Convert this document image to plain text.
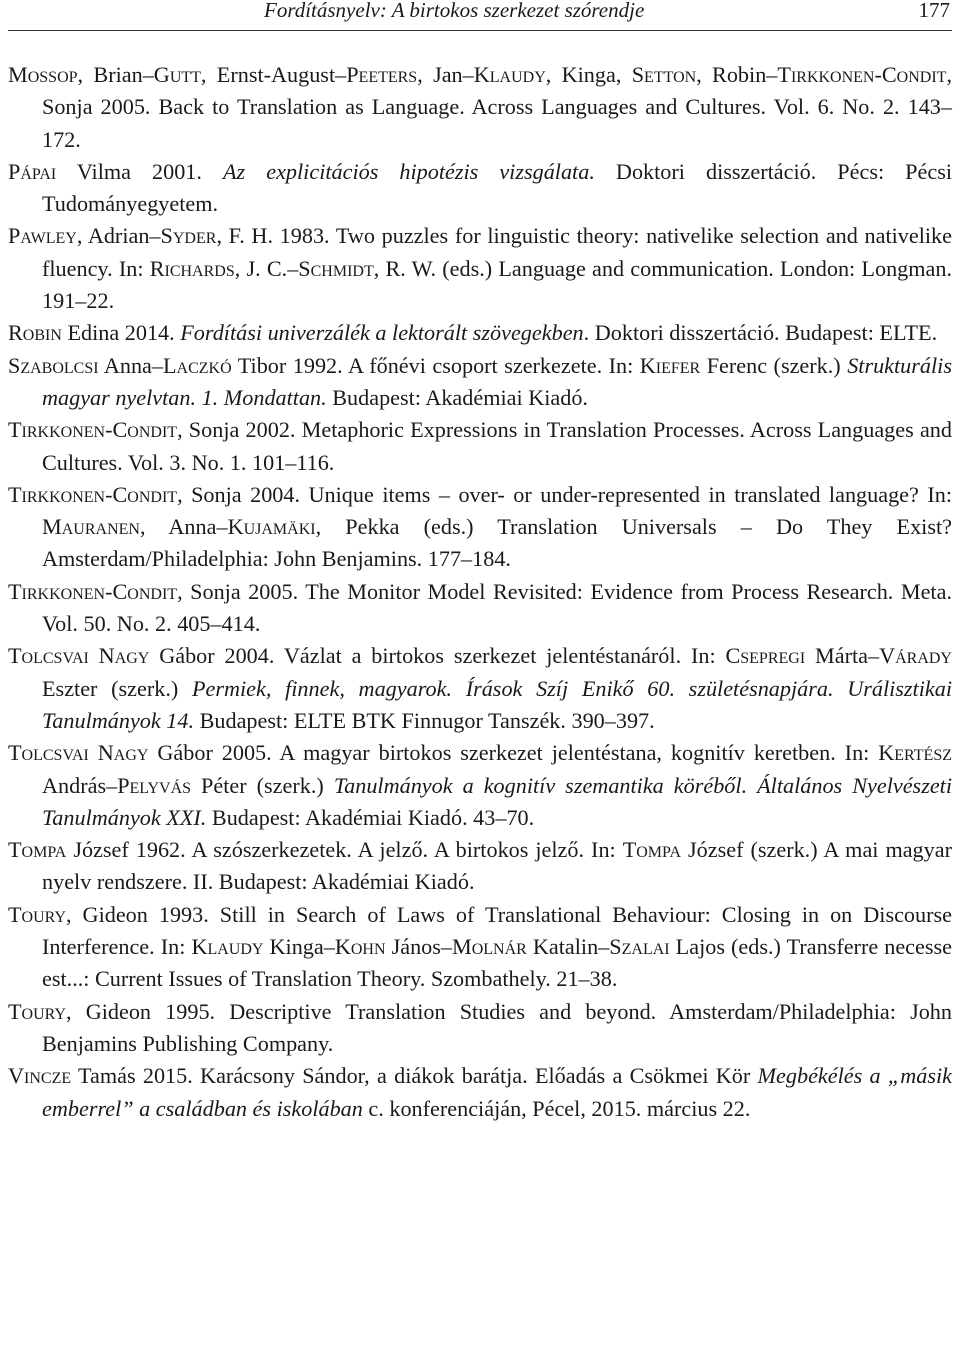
Fordításnyelv: A birtokos szerkezet szórendje	177
Mossop, Brian–Gutt, Ernst-August–Peeters, Jan–Klaudy, Kinga, Setton, Robin–Tirkkonen-Condit, Sonja 2005. Back to Translation as Language. Across Languages and Cultures. Vol. 6. No. 2. 143–172.
Pápai Vilma 2001. Az explicitációs hipotézis vizsgálata. Doktori disszertáció. Pécs: Pécsi Tudományegyetem.
Pawley, Adrian–Syder, F. H. 1983. Two puzzles for linguistic theory: nativelike selection and nativelike fluency. In: Richards, J. C.–Schmidt, R. W. (eds.) Language and communication. London: Longman. 191–22.
Robin Edina 2014. Fordítási univerzálék a lektorált szövegekben. Doktori disszertáció. Budapest: ELTE.
Szabolcsi Anna–Laczkó Tibor 1992. A főnévi csoport szerkezete. In: Kiefer Ferenc (szerk.) Strukturális magyar nyelvtan. 1. Mondattan. Budapest: Akadémiai Kiadó.
Tirkkonen-Condit, Sonja 2002. Metaphoric Expressions in Translation Processes. Across Languages and Cultures. Vol. 3. No. 1. 101–116.
Tirkkonen-Condit, Sonja 2004. Unique items – over- or under-represented in translated language? In: Mauranen, Anna–Kujamäki, Pekka (eds.) Translation Universals – Do They Exist? Amsterdam/Philadelphia: John Benjamins. 177–184.
Tirkkonen-Condit, Sonja 2005. The Monitor Model Revisited: Evidence from Process Research. Meta. Vol. 50. No. 2. 405–414.
Tolcsvai Nagy Gábor 2004. Vázlat a birtokos szerkezet jelentéstanáról. In: Csepregi Márta–Várady Eszter (szerk.) Permiek, finnek, magyarok. Írások Szíj Enikő 60. születésnapjára. Urálisztikai Tanulmányok 14. Budapest: ELTE BTK Finnugor Tanszék. 390–397.
Tolcsvai Nagy Gábor 2005. A magyar birtokos szerkezet jelentéstana, kognitív keretben. In: Kertész András–Pelyvás Péter (szerk.) Tanulmányok a kognitív szemantika köréből. Általános Nyelvészeti Tanulmányok XXI. Budapest: Akadémiai Kiadó. 43–70.
Tompa József 1962. A szószerkezetek. A jelző. A birtokos jelző. In: Tompa József (szerk.) A mai magyar nyelv rendszere. II. Budapest: Akadémiai Kiadó.
Toury, Gideon 1993. Still in Search of Laws of Translational Behaviour: Closing in on Discourse Interference. In: Klaudy Kinga–Kohn János–Molnár Katalin–Szalai Lajos (eds.) Transferre necesse est...: Current Issues of Translation Theory. Szombathely. 21–38.
Toury, Gideon 1995. Descriptive Translation Studies and beyond. Amsterdam/Philadelphia: John Benjamins Publishing Company.
Vincze Tamás 2015. Karácsony Sándor, a diákok barátja. Előadás a Csökmei Kör Megbékélés a „másik emberrel” a családban és iskolában c. konferenciáján, Pécel, 2015. március 22.
